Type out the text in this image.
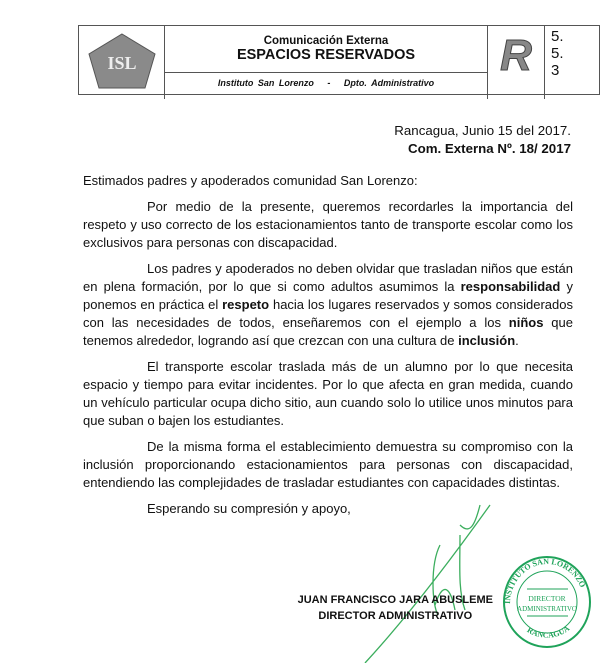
ISL
Comunicación Externa
ESPACIOS RESERVADOS
Instituto San Lorenzo - Dpto. Administrativo
R	5.
5.
3
Rancagua, Junio 15 del 2017.
Com. Externa Nº. 18/ 2017

Estimados padres y apoderados comunidad San Lorenzo:

Por medio de la presente, queremos recordarles la importancia del respeto y uso correcto de los estacionamientos tanto de transporte escolar como los exclusivos para personas con discapacidad.

Los padres y apoderados no deben olvidar que trasladan niños que están en plena formación, por lo que si como adultos asumimos la responsabilidad y ponemos en práctica el respeto hacia los lugares reservados y somos considerados con las necesidades de todos, enseñaremos con el ejemplo a los niños que tenemos alrededor, logrando así que crezcan con una cultura de inclusión.

El transporte escolar traslada más de un alumno por lo que necesita espacio y tiempo para evitar incidentes. Por lo que afecta en gran medida, cuando un vehículo particular ocupa dicho sitio, aun cuando solo lo utilice unos minutos para que suban o bajen los estudiantes.

De la misma forma el establecimiento demuestra su compromiso con la inclusión proporcionando estacionamientos para personas con discapacidad, entendiendo las complejidades de trasladar estudiantes con capacidades distintas.

Esperando su compresión y apoyo,

JUAN FRANCISCO JARA ABUSLEME
DIRECTOR ADMINISTRATIVO
INSTITUTO SAN LORENZO
RANCAGUA
DIRECTOR
ADMINISTRATIVO
